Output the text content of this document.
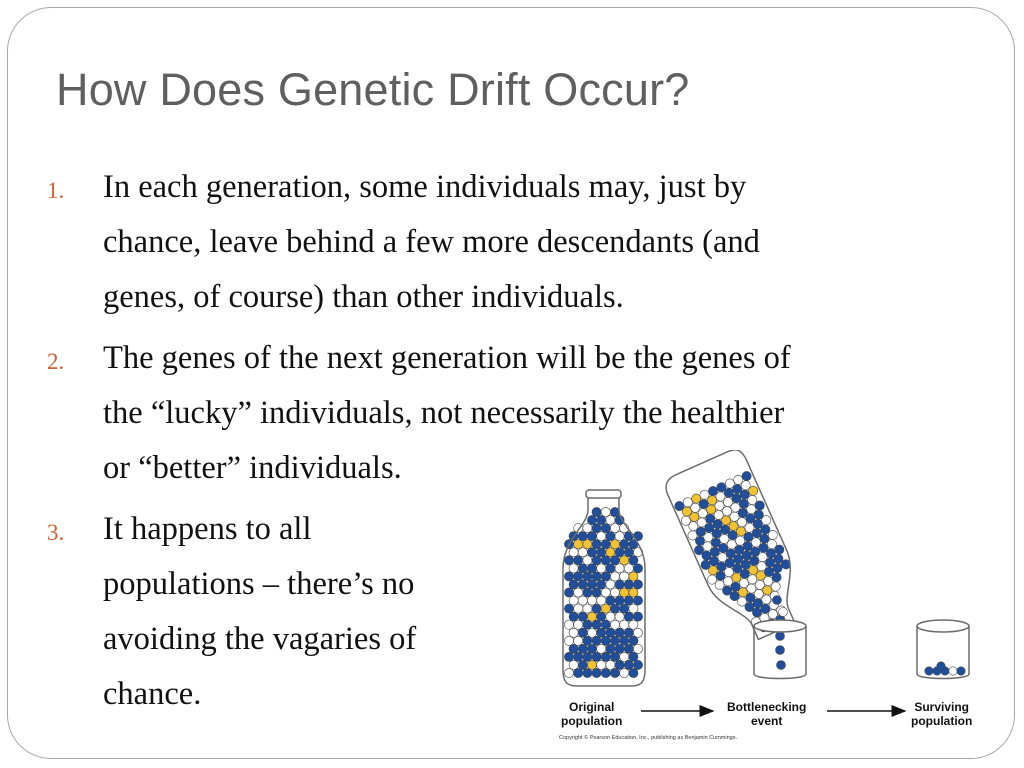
How Does Genetic Drift Occur?
1. In each generation, some individuals may, just by
chance, leave behind a few more descendants (and
genes, of course) than other individuals.
2. The genes of the next generation will be the genes of
the “lucky” individuals, not necessarily the healthier
or “better” individuals.
3. It happens to all
populations – there’s no
avoiding the vagaries of
chance.	Original
population
Bottlenecking
event
Surviving
population
Copyright © Pearson Education, Inc., publishing as Benjamin Cummings.
